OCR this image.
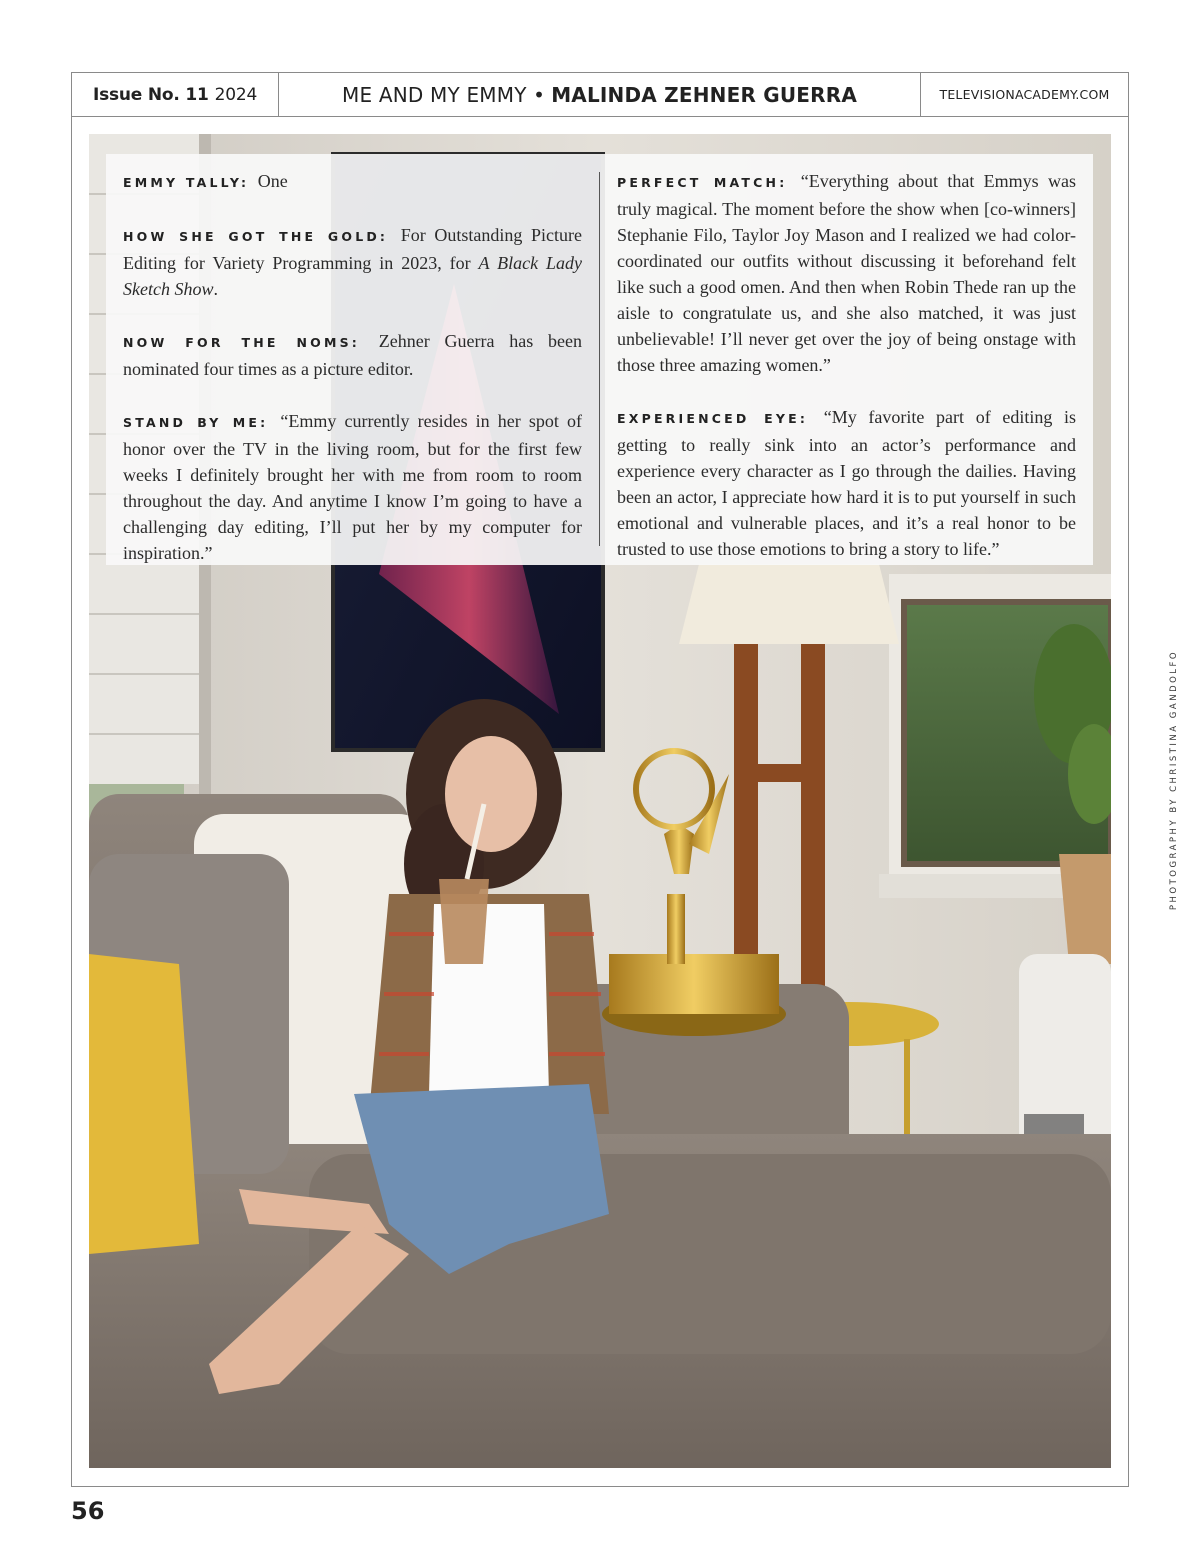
Issue No. 11 2024	ME AND MY EMMY • MALINDA ZEHNER GUERRA	TELEVISIONACADEMY.COM

EMMY TALLY: One

HOW SHE GOT THE GOLD: For Outstanding Picture Editing for Variety Programming in 2023, for A Black Lady Sketch Show.

NOW FOR THE NOMS: Zehner Guerra has been nominated four times as a picture editor.

STAND BY ME: “Emmy currently resides in her spot of honor over the TV in the living room, but for the first few weeks I definitely brought her with me from room to room throughout the day. And anytime I know I’m going to have a challenging day editing, I’ll put her by my computer for inspiration.”

PERFECT MATCH: “Everything about that Emmys was truly magical. The moment before the show when [co-winners] Stephanie Filo, Taylor Joy Mason and I realized we had color-coordinated our outfits without discussing it beforehand felt like such a good omen. And then when Robin Thede ran up the aisle to congratulate us, and she also matched, it was just unbelievable! I’ll never get over the joy of being onstage with those three amazing women.”

EXPERIENCED EYE: “My favorite part of editing is getting to really sink into an actor’s performance and experience every character as I go through the dailies. Having been an actor, I appreciate how hard it is to put yourself in such emotional and vulnerable places, and it’s a real honor to be trusted to use those emotions to bring a story to life.”

PHOTOGRAPHY BY CHRISTINA GANDOLFO
56
